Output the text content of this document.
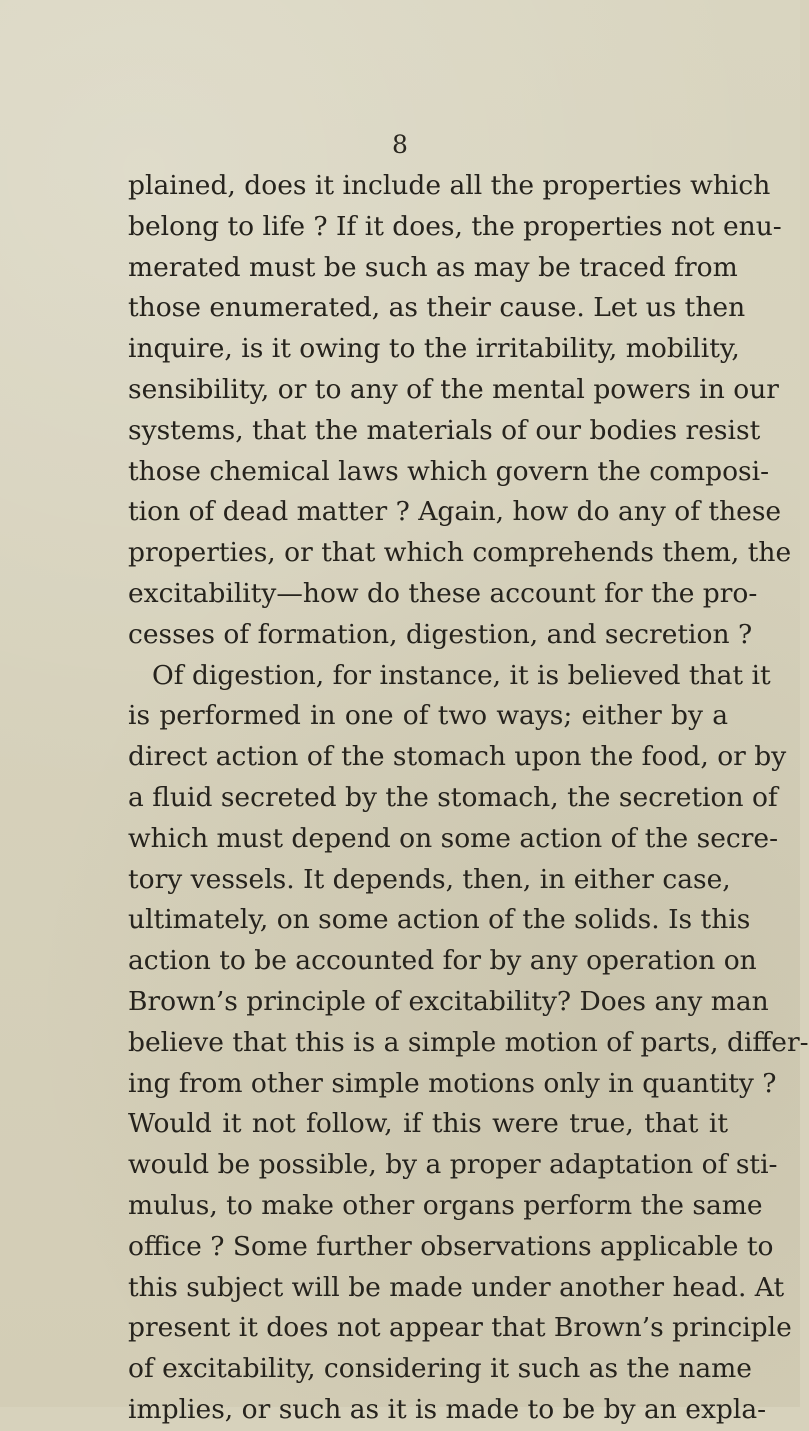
8
plained, does it include all the properties which
belong to life ? If it does, the properties not enu-
merated must be such as may be traced from
those enumerated, as their cause. Let us then
inquire, is it owing to the irritability, mobility,
sensibility, or to any of the mental powers in our
systems, that the materials of our bodies resist
those chemical laws which govern the composi-
tion of dead matter ? Again, how do any of these
properties, or that which comprehends them, the
excitability—how do these account for the pro-
cesses of formation, digestion, and secretion ?
Of digestion, for instance, it is believed that it
is performed in one of two ways; either by a
direct action of the stomach upon the food, or by
a fluid secreted by the stomach, the secretion of
which must depend on some action of the secre-
tory vessels. It depends, then, in either case,
ultimately, on some action of the solids. Is this
action to be accounted for by any operation on
Brown’s principle of excitability? Does any man
believe that this is a simple motion of parts, differ-
ing from other simple motions only in quantity ?
Would it not follow, if this were true, that it
would be possible, by a proper adaptation of sti-
mulus, to make other organs perform the same
office ? Some further observations applicable to
this subject will be made under another head. At
present it does not appear that Brown’s principle
of excitability, considering it such as the name
implies, or such as it is made to be by an expla-
